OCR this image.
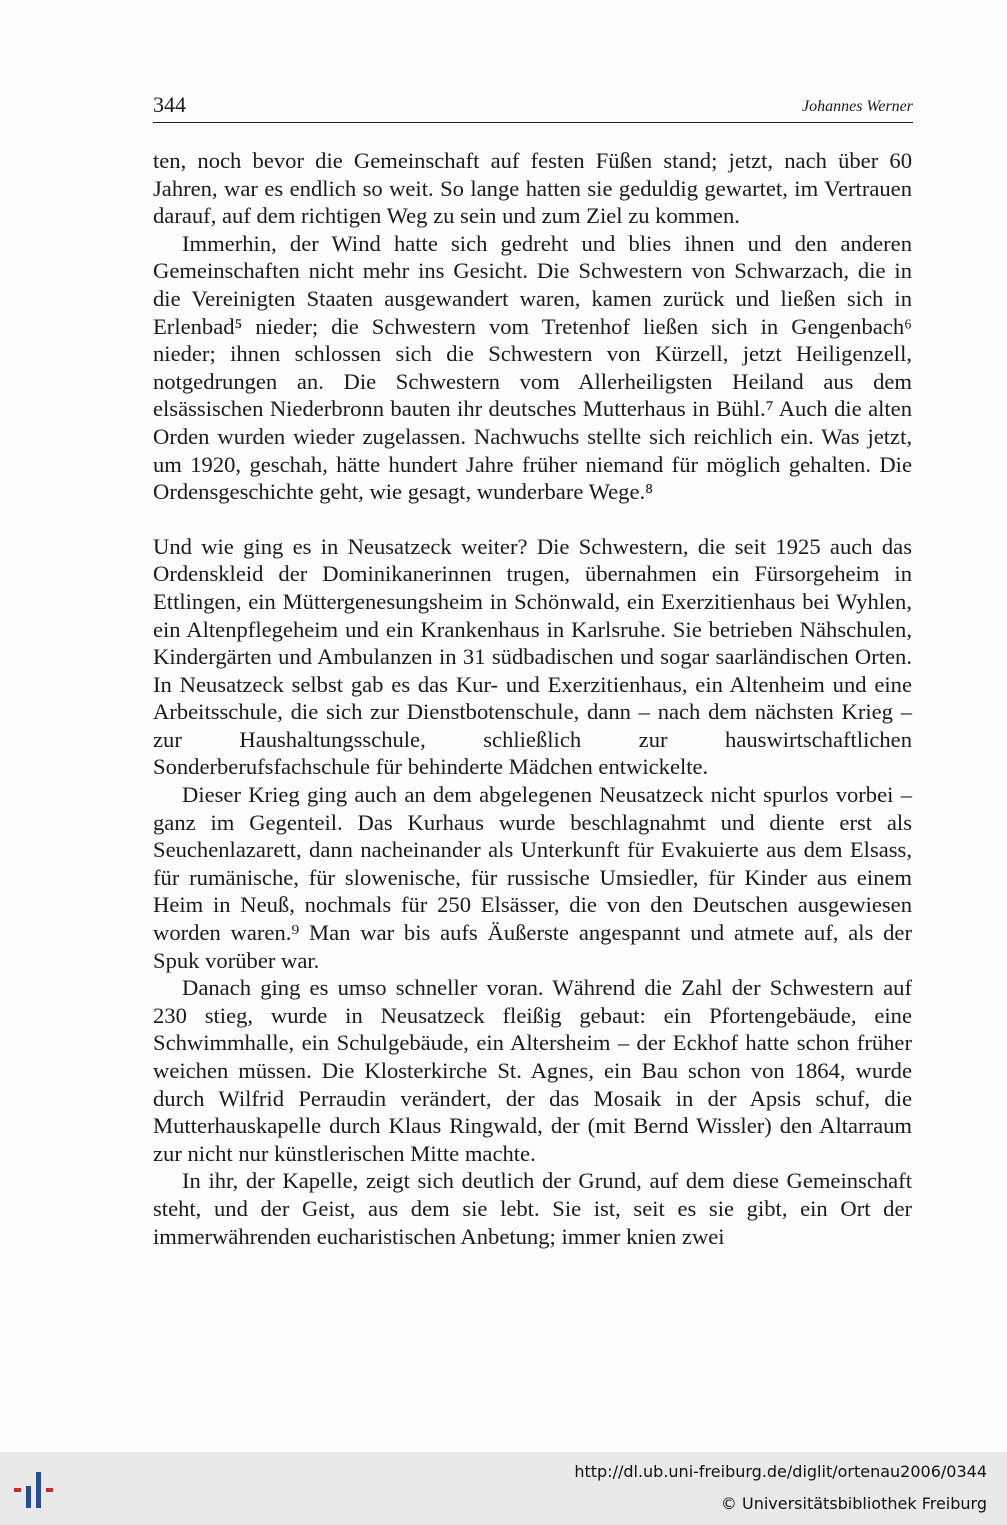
344	Johannes Werner

ten, noch bevor die Gemeinschaft auf festen Füßen stand; jetzt, nach über 60 Jahren, war es endlich so weit. So lange hatten sie geduldig gewartet, im Vertrauen darauf, auf dem richtigen Weg zu sein und zum Ziel zu kommen.

Immerhin, der Wind hatte sich gedreht und blies ihnen und den anderen Gemeinschaften nicht mehr ins Gesicht. Die Schwestern von Schwarzach, die in die Vereinigten Staaten ausgewandert waren, kamen zurück und ließen sich in Erlenbad⁵ nieder; die Schwestern vom Tretenhof ließen sich in Gengenbach⁶ nieder; ihnen schlossen sich die Schwestern von Kürzell, jetzt Heiligenzell, notgedrungen an. Die Schwestern vom Allerheiligsten Heiland aus dem elsässischen Niederbronn bauten ihr deutsches Mutterhaus in Bühl.⁷ Auch die alten Orden wurden wieder zugelassen. Nachwuchs stellte sich reichlich ein. Was jetzt, um 1920, geschah, hätte hundert Jahre früher niemand für möglich gehalten. Die Ordensgeschichte geht, wie gesagt, wunderbare Wege.⁸

Und wie ging es in Neusatzeck weiter? Die Schwestern, die seit 1925 auch das Ordenskleid der Dominikanerinnen trugen, übernahmen ein Fürsorgeheim in Ettlingen, ein Müttergenesungsheim in Schönwald, ein Exerzitienhaus bei Wyhlen, ein Altenpflegeheim und ein Krankenhaus in Karlsruhe. Sie betrieben Nähschulen, Kindergärten und Ambulanzen in 31 südbadischen und sogar saarländischen Orten. In Neusatzeck selbst gab es das Kur- und Exerzitienhaus, ein Altenheim und eine Arbeitsschule, die sich zur Dienstbotenschule, dann – nach dem nächsten Krieg – zur Haushaltungsschule, schließlich zur hauswirtschaftlichen Sonderberufsfachschule für behinderte Mädchen entwickelte.

Dieser Krieg ging auch an dem abgelegenen Neusatzeck nicht spurlos vorbei – ganz im Gegenteil. Das Kurhaus wurde beschlagnahmt und diente erst als Seuchenlazarett, dann nacheinander als Unterkunft für Evakuierte aus dem Elsass, für rumänische, für slowenische, für russische Umsiedler, für Kinder aus einem Heim in Neuß, nochmals für 250 Elsässer, die von den Deutschen ausgewiesen worden waren.⁹ Man war bis aufs Äußerste angespannt und atmete auf, als der Spuk vorüber war.

Danach ging es umso schneller voran. Während die Zahl der Schwestern auf 230 stieg, wurde in Neusatzeck fleißig gebaut: ein Pfortengebäude, eine Schwimmhalle, ein Schulgebäude, ein Altersheim – der Eckhof hatte schon früher weichen müssen. Die Klosterkirche St. Agnes, ein Bau schon von 1864, wurde durch Wilfrid Perraudin verändert, der das Mosaik in der Apsis schuf, die Mutterhauskapelle durch Klaus Ringwald, der (mit Bernd Wissler) den Altarraum zur nicht nur künstlerischen Mitte machte.

In ihr, der Kapelle, zeigt sich deutlich der Grund, auf dem diese Gemeinschaft steht, und der Geist, aus dem sie lebt. Sie ist, seit es sie gibt, ein Ort der immerwährenden eucharistischen Anbetung; immer knien zwei

http://dl.ub.uni-freiburg.de/diglit/ortenau2006/0344
© Universitätsbibliothek Freiburg
